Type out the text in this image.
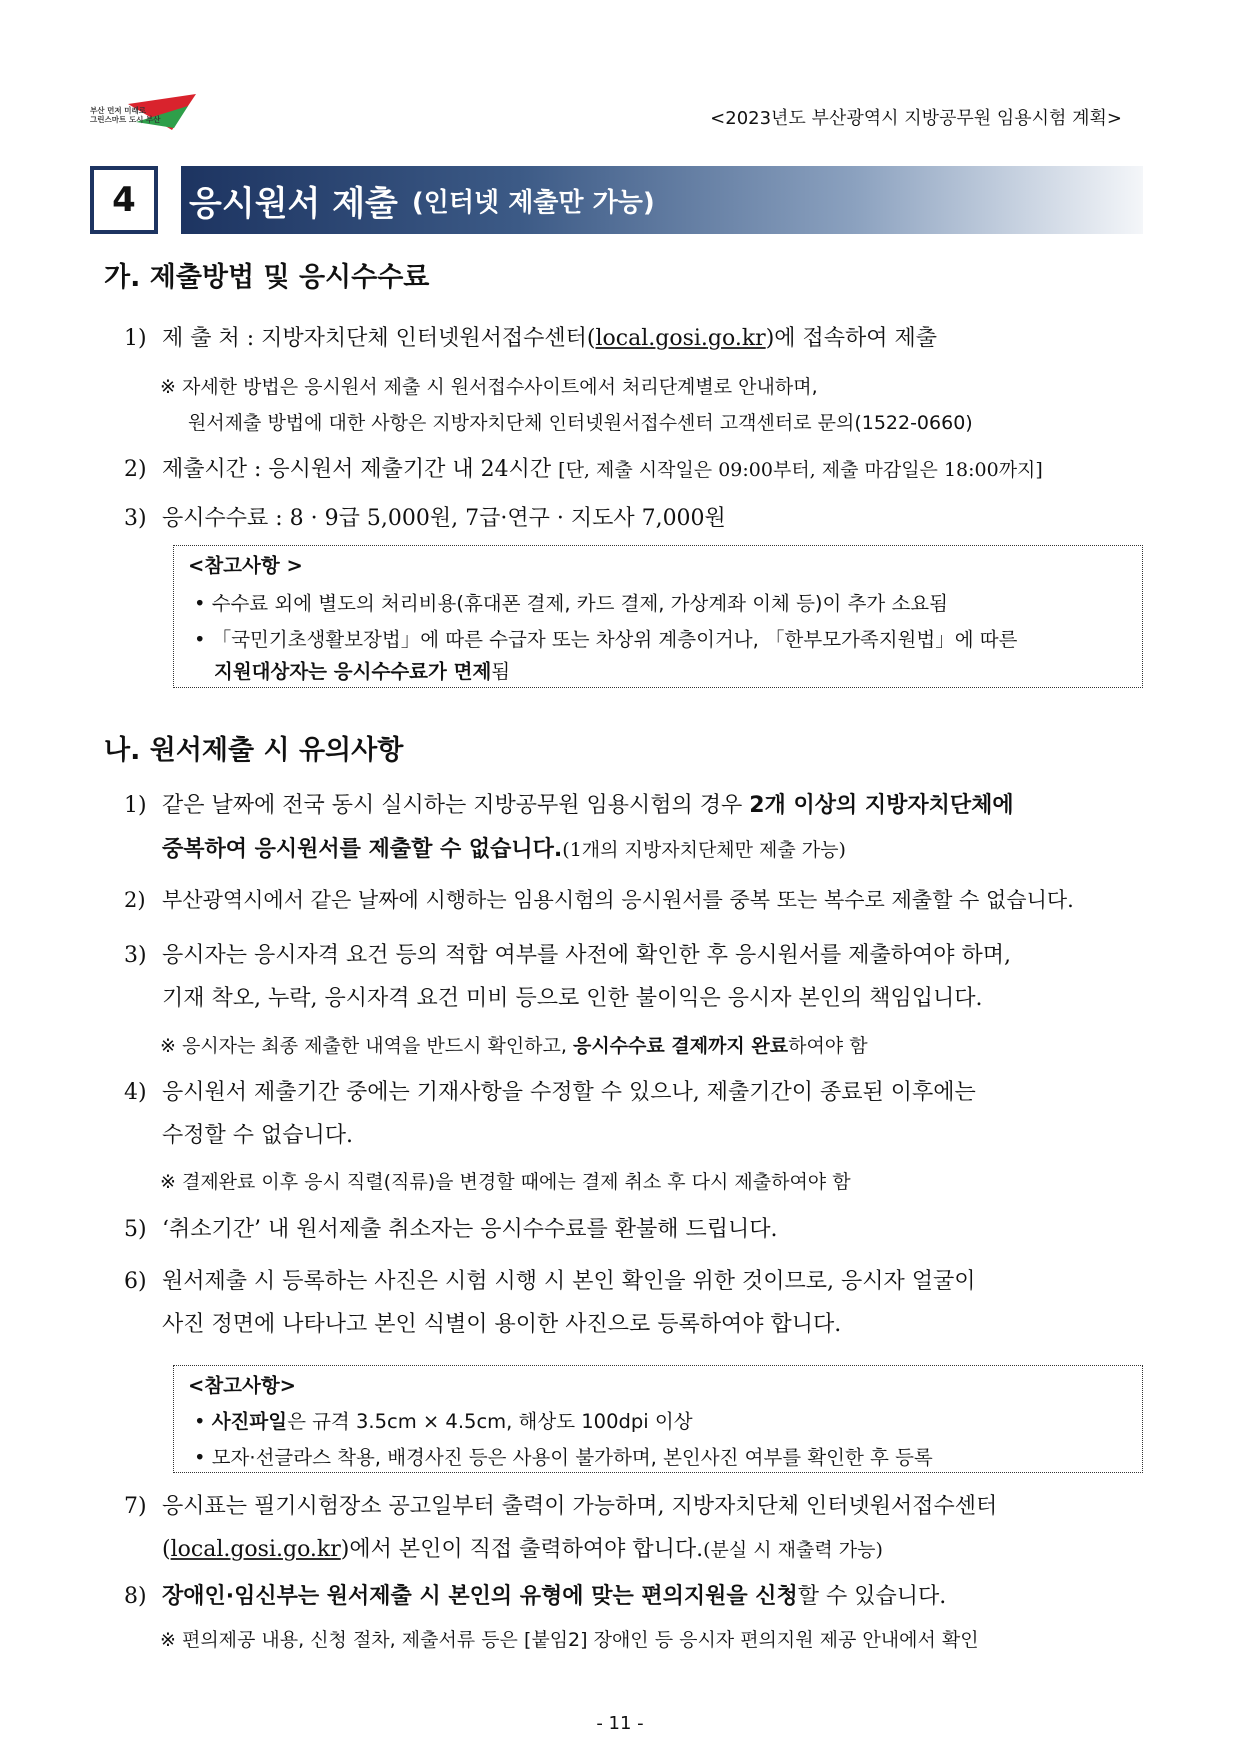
부산 먼저 미래로
그린스마트 도시 부산	<2023년도 부산광역시 지방공무원 임용시험 계획>
4	응시원서 제출 (인터넷 제출만 가능)
가. 제출방법 및 응시수수료
1) 제 출 처 : 지방자치단체 인터넷원서접수센터(local.gosi.go.kr)에 접속하여 제출
※ 자세한 방법은 응시원서 제출 시 원서접수사이트에서 처리단계별로 안내하며,
원서제출 방법에 대한 사항은 지방자치단체 인터넷원서접수센터 고객센터로 문의(1522-0660)
2) 제출시간 : 응시원서 제출기간 내 24시간 [단, 제출 시작일은 09:00부터, 제출 마감일은 18:00까지]
3) 응시수수료 : 8 · 9급 5,000원, 7급·연구 · 지도사 7,000원
<참고사항 >
• 수수료 외에 별도의 처리비용(휴대폰 결제, 카드 결제, 가상계좌 이체 등)이 추가 소요됨
• 「국민기초생활보장법」에 따른 수급자 또는 차상위 계층이거나, 「한부모가족지원법」에 따른
지원대상자는 응시수수료가 면제됨
나. 원서제출 시 유의사항
1) 같은 날짜에 전국 동시 실시하는 지방공무원 임용시험의 경우 2개 이상의 지방자치단체에
중복하여 응시원서를 제출할 수 없습니다.(1개의 지방자치단체만 제출 가능)
2) 부산광역시에서 같은 날짜에 시행하는 임용시험의 응시원서를 중복 또는 복수로 제출할 수 없습니다.
3) 응시자는 응시자격 요건 등의 적합 여부를 사전에 확인한 후 응시원서를 제출하여야 하며,
기재 착오, 누락, 응시자격 요건 미비 등으로 인한 불이익은 응시자 본인의 책임입니다.
※ 응시자는 최종 제출한 내역을 반드시 확인하고, 응시수수료 결제까지 완료하여야 함
4) 응시원서 제출기간 중에는 기재사항을 수정할 수 있으나, 제출기간이 종료된 이후에는
수정할 수 없습니다.
※ 결제완료 이후 응시 직렬(직류)을 변경할 때에는 결제 취소 후 다시 제출하여야 함
5) ‘취소기간’ 내 원서제출 취소자는 응시수수료를 환불해 드립니다.
6) 원서제출 시 등록하는 사진은 시험 시행 시 본인 확인을 위한 것이므로, 응시자 얼굴이
사진 정면에 나타나고 본인 식별이 용이한 사진으로 등록하여야 합니다.
<참고사항>
• 사진파일은 규격 3.5cm × 4.5cm, 해상도 100dpi 이상
• 모자·선글라스 착용, 배경사진 등은 사용이 불가하며, 본인사진 여부를 확인한 후 등록
7) 응시표는 필기시험장소 공고일부터 출력이 가능하며, 지방자치단체 인터넷원서접수센터
(local.gosi.go.kr)에서 본인이 직접 출력하여야 합니다.(분실 시 재출력 가능)
8) 장애인·임신부는 원서제출 시 본인의 유형에 맞는 편의지원을 신청할 수 있습니다.
※ 편의제공 내용, 신청 절차, 제출서류 등은 [붙임2] 장애인 등 응시자 편의지원 제공 안내에서 확인
- 11 -
